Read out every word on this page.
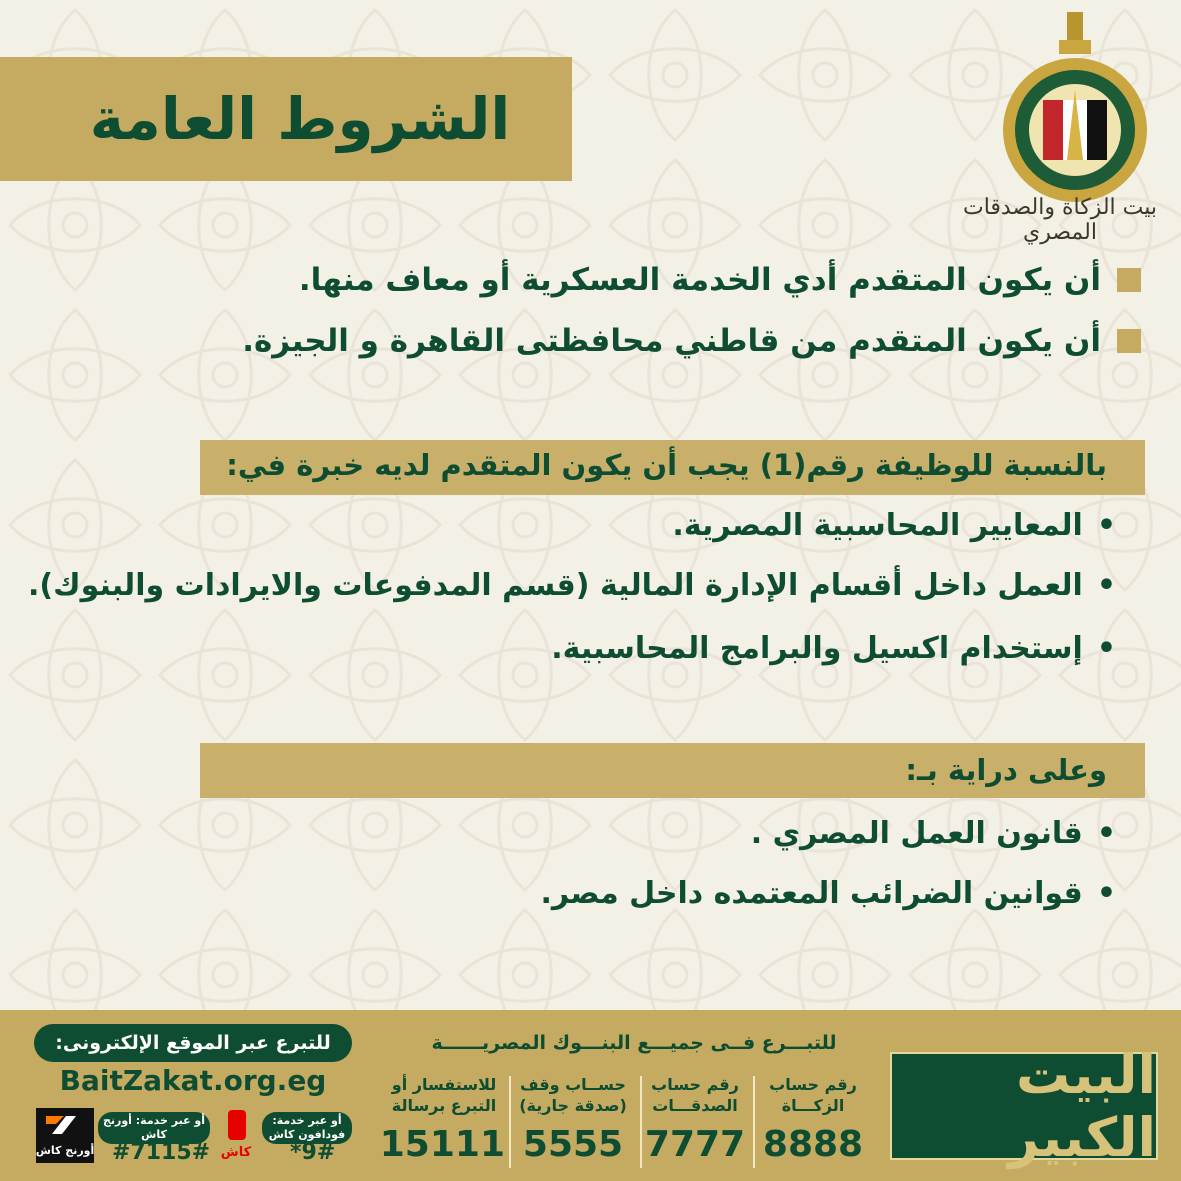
الشروط العامة
بيت الزكاة والصدقات المصري
أن يكون المتقدم أدي الخدمة العسكرية أو معاف منها.
أن يكون المتقدم من قاطني محافظتى القاهرة و الجيزة.
بالنسبة للوظيفة رقم(1) يجب أن يكون المتقدم لديه خبرة في:
• المعايير المحاسبية المصرية.
• العمل داخل أقسام الإدارة المالية (قسم المدفوعات والايرادات والبنوك).
• إستخدام اكسيل والبرامج المحاسبية.
وعلى دراية بـ:
• قانون العمل المصري .
• قوانين الضرائب المعتمده داخل مصر.
البيت الكبير
للتبـــرع فــى جميـــع البنـــوك المصريــــــة
رقم حساب الزكـــاة
8888
رقم حساب الصدقـــات
7777
حســاب وقف (صدقة جارية)
5555
للاستفسار أو التبرع برسالة
15111
للتبرع عبر الموقع الإلكترونى:
BaitZakat.org.eg
أو عبر خدمة: فودافون كاش
*9#
كاش
أو عبر خدمة: أورنج كاش
#7115#
أورنج كاش
